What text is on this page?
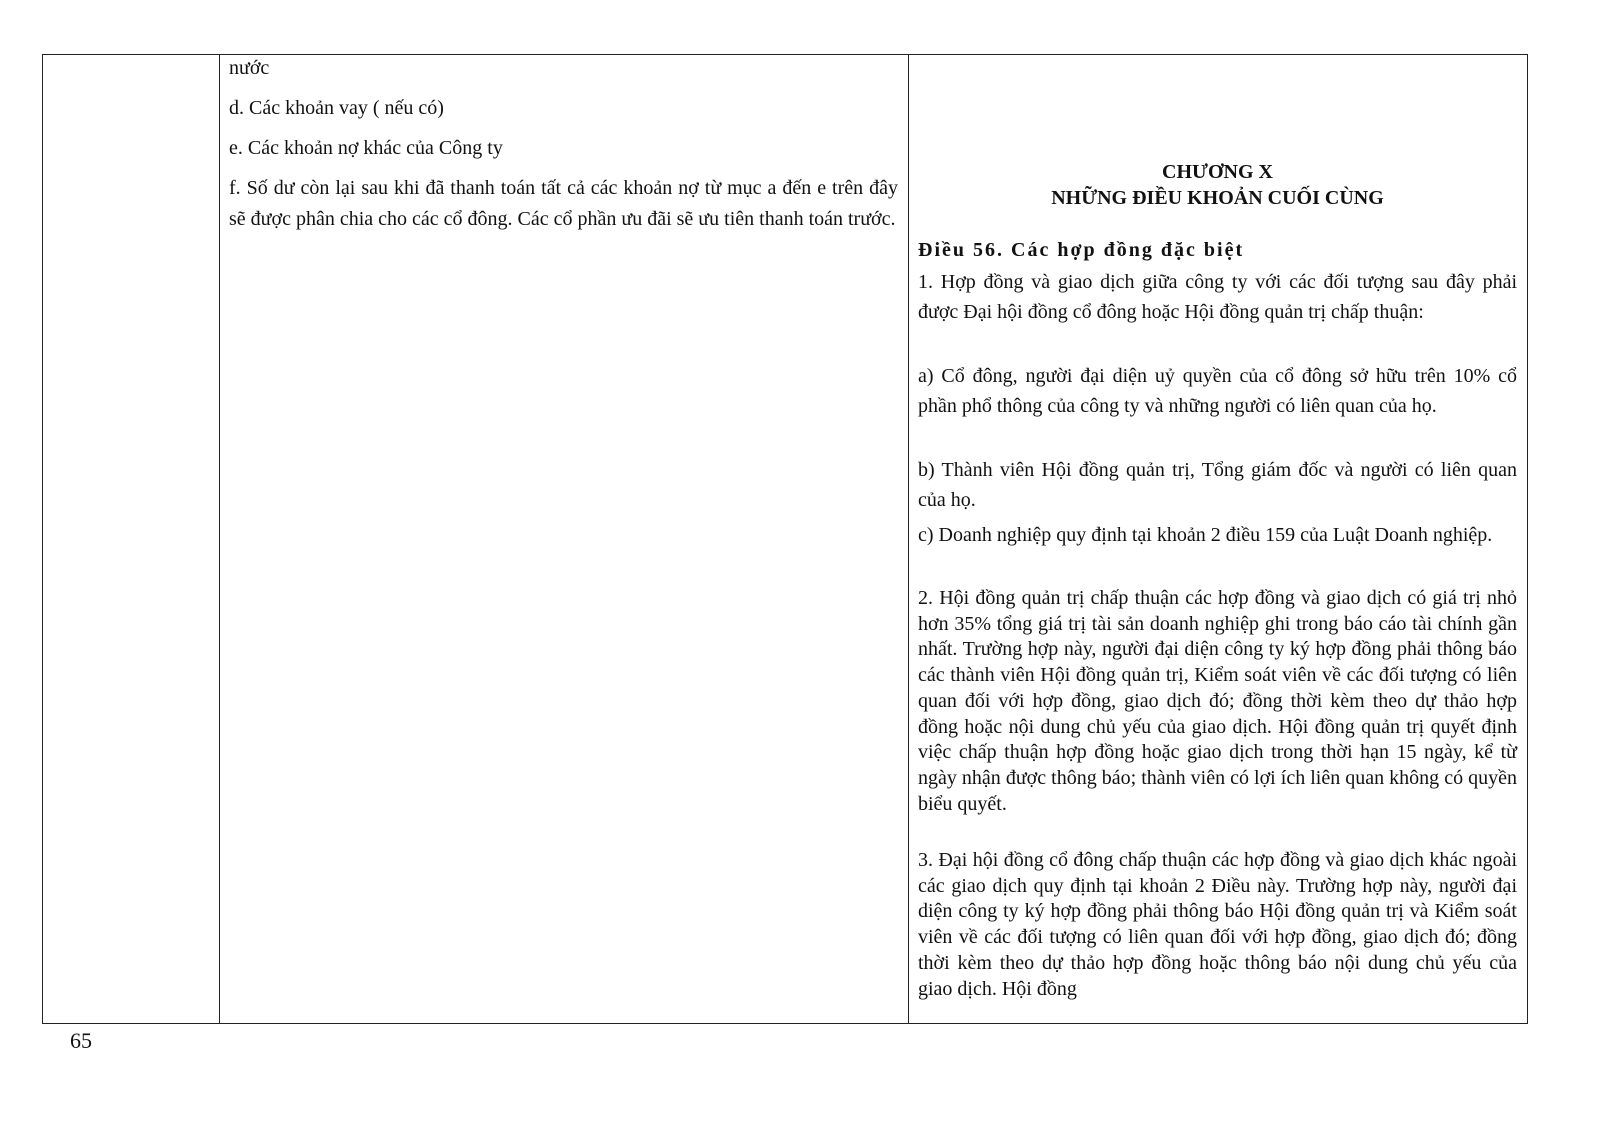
nước
d. Các khoản vay ( nếu có)
e. Các khoản nợ khác của Công ty
f. Số dư còn lại sau khi đã thanh toán tất cả các khoản nợ từ mục a đến e trên đây sẽ được phân chia cho các cổ đông. Các cổ phần ưu đãi sẽ ưu tiên thanh toán trước.
CHƯƠNG X
NHỮNG ĐIỀU KHOẢN CUỐI CÙNG
Điều 56. Các hợp đồng đặc biệt
1. Hợp đồng và giao dịch giữa công ty với các đối tượng sau đây phải được Đại hội đồng cổ đông hoặc Hội đồng quản trị chấp thuận:
a) Cổ đông, người đại diện uỷ quyền của cổ đông sở hữu trên 10% cổ phần phổ thông của công ty và những người có liên quan của họ.
b) Thành viên Hội đồng quản trị, Tổng giám đốc và người có liên quan của họ.
c) Doanh nghiệp quy định tại khoản 2 điều 159 của Luật Doanh nghiệp.
2. Hội đồng quản trị chấp thuận các hợp đồng và giao dịch có giá trị nhỏ hơn 35% tổng giá trị tài sản doanh nghiệp ghi trong báo cáo tài chính gần nhất. Trường hợp này, người đại diện công ty ký hợp đồng phải thông báo các thành viên Hội đồng quản trị, Kiểm soát viên về các đối tượng có liên quan đối với hợp đồng, giao dịch đó; đồng thời kèm theo dự thảo hợp đồng hoặc nội dung chủ yếu của giao dịch. Hội đồng quản trị quyết định việc chấp thuận hợp đồng hoặc giao dịch trong thời hạn 15 ngày, kể từ ngày nhận được thông báo; thành viên có lợi ích liên quan không có quyền biểu quyết.
3. Đại hội đồng cổ đông chấp thuận các hợp đồng và giao dịch khác ngoài các giao dịch quy định tại khoản 2 Điều này. Trường hợp này, người đại diện công ty ký hợp đồng phải thông báo Hội đồng quản trị và Kiểm soát viên về các đối tượng có liên quan đối với hợp đồng, giao dịch đó; đồng thời kèm theo dự thảo hợp đồng hoặc thông báo nội dung chủ yếu của giao dịch. Hội đồng
65
